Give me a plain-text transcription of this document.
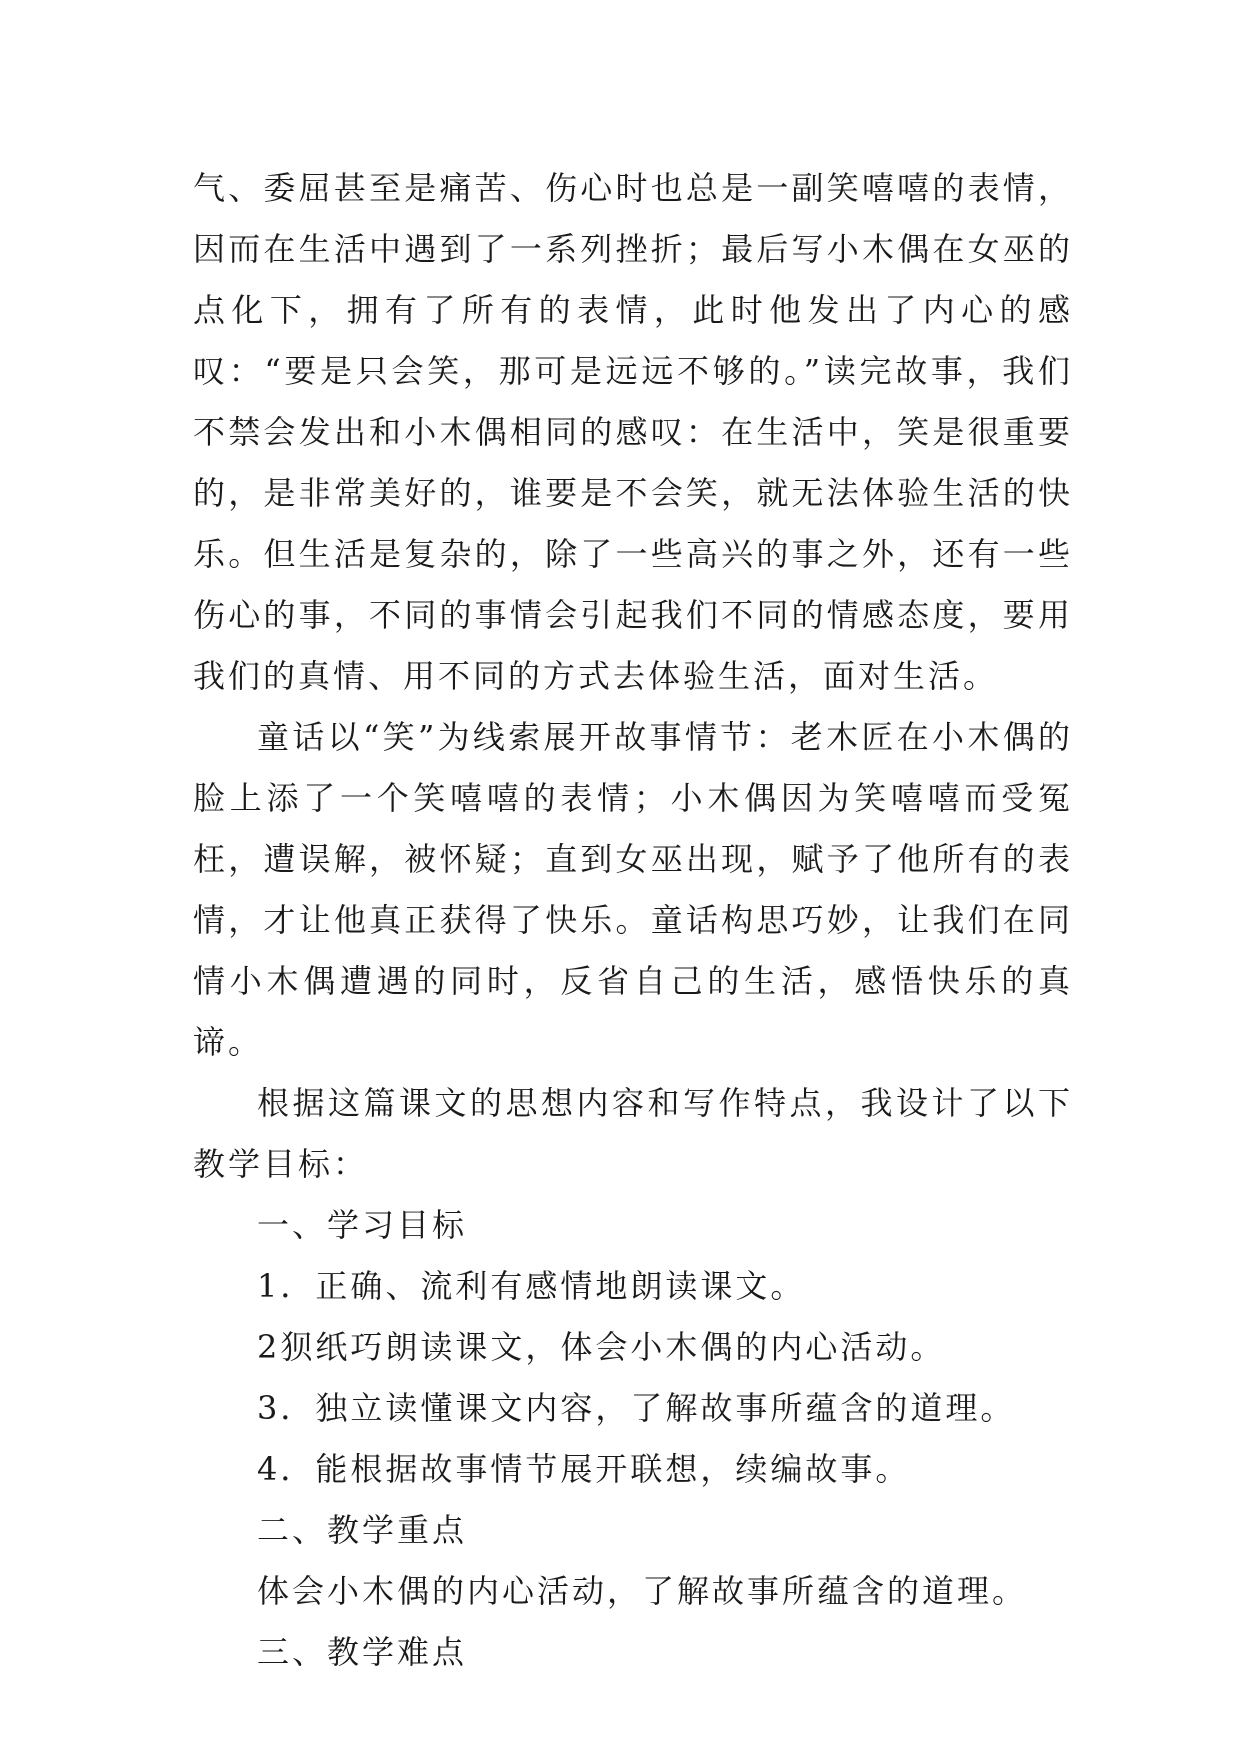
气、委屈甚至是痛苦、伤心时也总是一副笑嘻嘻的表情，因而在生活中遇到了一系列挫折；最后写小木偶在女巫的点化下，拥有了所有的表情，此时他发出了内心的感叹：“要是只会笑，那可是远远不够的。”读完故事，我们不禁会发出和小木偶相同的感叹：在生活中，笑是很重要的，是非常美好的，谁要是不会笑，就无法体验生活的快乐。但生活是复杂的，除了一些高兴的事之外，还有一些伤心的事，不同的事情会引起我们不同的情感态度，要用我们的真情、用不同的方式去体验生活，面对生活。

童话以“笑”为线索展开故事情节：老木匠在小木偶的脸上添了一个笑嘻嘻的表情；小木偶因为笑嘻嘻而受冤枉，遭误解，被怀疑；直到女巫出现，赋予了他所有的表情，才让他真正获得了快乐。童话构思巧妙，让我们在同情小木偶遭遇的同时，反省自己的生活，感悟快乐的真谛。

根据这篇课文的思想内容和写作特点，我设计了以下教学目标：

一、学习目标

1．正确、流利有感情地朗读课文。

2狈纸巧朗读课文，体会小木偶的内心活动。

3．独立读懂课文内容，了解故事所蕴含的道理。

4．能根据故事情节展开联想，续编故事。

二、教学重点

体会小木偶的内心活动，了解故事所蕴含的道理。

三、教学难点
